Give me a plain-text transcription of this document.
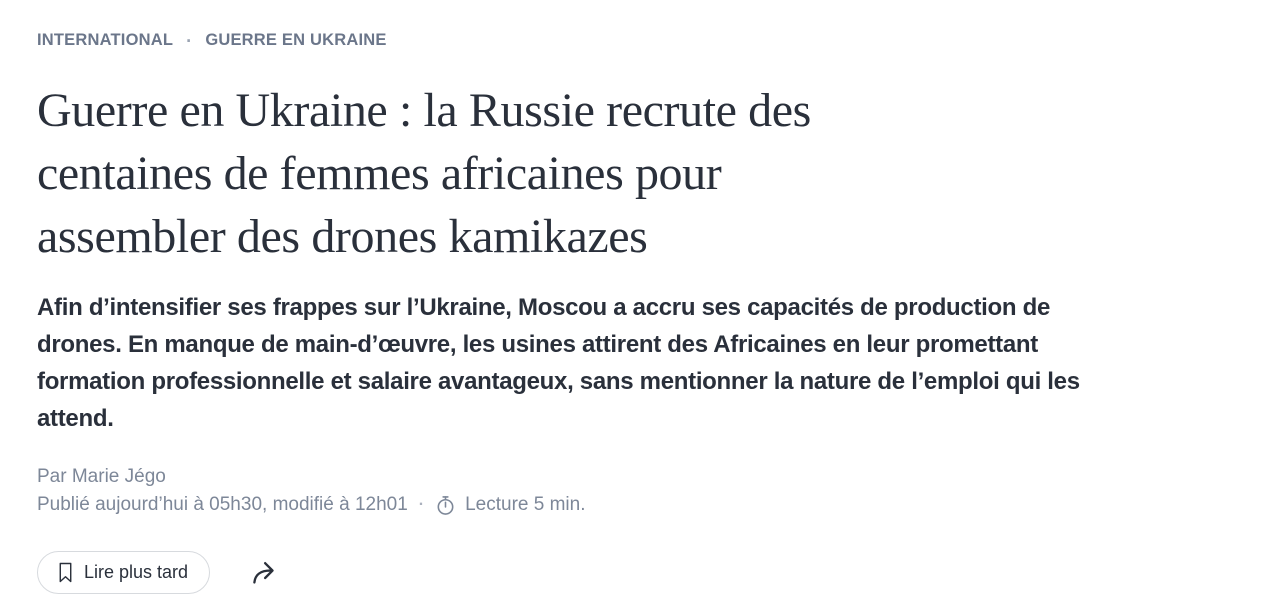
INTERNATIONAL · GUERRE EN UKRAINE
Guerre en Ukraine : la Russie recrute des
centaines de femmes africaines pour
assembler des drones kamikazes

Afin d’intensifier ses frappes sur l’Ukraine, Moscou a accru ses capacités de production de
drones. En manque de main-d’œuvre, les usines attirent des Africaines en leur promettant
formation professionnelle et salaire avantageux, sans mentionner la nature de l’emploi qui les
attend.

Par Marie Jégo
Publié aujourd’hui à 05h30, modifié à 12h01 · Lecture 5 min.
Lire plus tard
